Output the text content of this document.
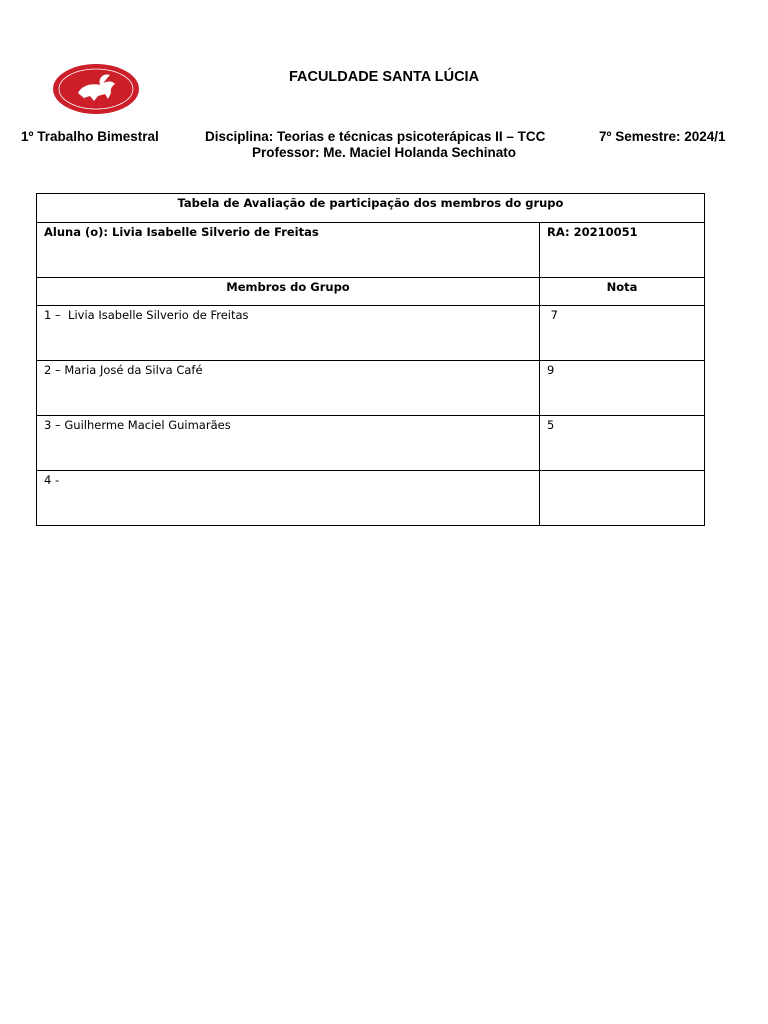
FACULDADE SANTA LÚCIA
1º Trabalho Bimestral	Disciplina: Teorias e técnicas psicoterápicas II – TCC	7º Semestre: 2024/1
Professor: Me. Maciel Holanda Sechinato
Tabela de Avaliação de participação dos membros do grupo	
Aluna (o): Livia Isabelle Silverio de Freitas	RA: 20210051
Membros do Grupo	Nota
1 –  Livia Isabelle Silverio de Freitas	7
2 – Maria José da Silva Café	9
3 – Guilherme Maciel Guimarães	5
4 -	
